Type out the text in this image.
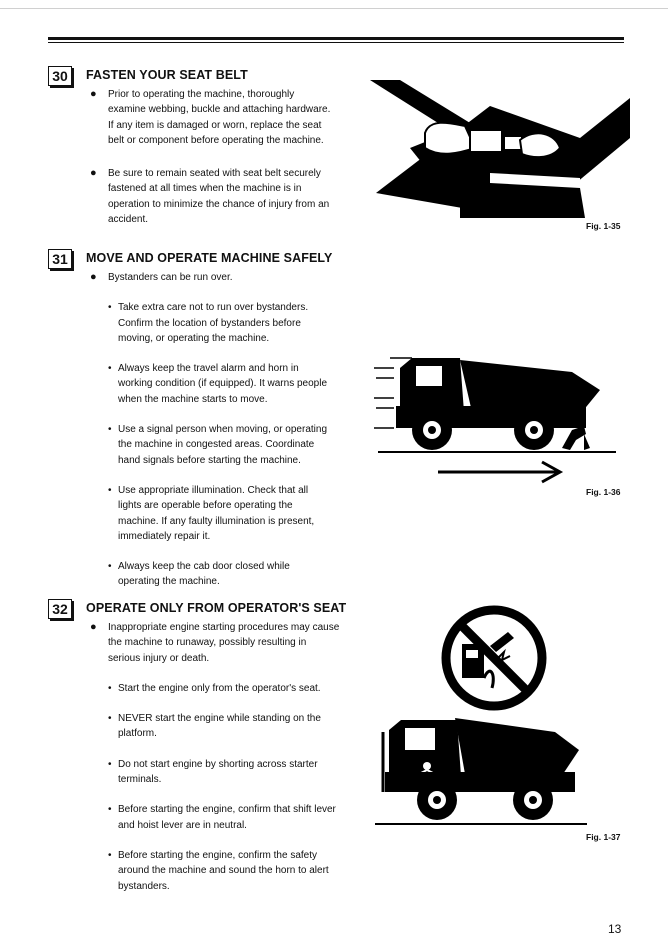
30	FASTEN YOUR SEAT BELT
● Prior to operating the machine, thoroughly
examine webbing, buckle and attaching hardware.
If any item is damaged or worn, replace the seat
belt or component before operating the machine.
● Be sure to remain seated with seat belt securely
fastened at all times when the machine is in
operation to minimize the chance of injury from an
accident.
31	MOVE AND OPERATE MACHINE SAFELY
● Bystanders can be run over.
• Take extra care not to run over bystanders.
Confirm the location of bystanders before
moving, or operating the machine.
• Always keep the travel alarm and horn in
working condition (if equipped). It warns people
when the machine starts to move.
• Use a signal person when moving, or operating
the machine in congested areas. Coordinate
hand signals before starting the machine.
• Use appropriate illumination. Check that all
lights are operable before operating the
machine. If any faulty illumination is present,
immediately repair it.
• Always keep the cab door closed while
operating the machine.
32	OPERATE ONLY FROM OPERATOR'S SEAT
● Inappropriate engine starting procedures may cause
the machine to runaway, possibly resulting in
serious injury or death.
• Start the engine only from the operator's seat.
• NEVER start the engine while standing on the
platform.
• Do not start engine by shorting across starter
terminals.
• Before starting the engine, confirm that shift lever
and hoist lever are in neutral.
• Before starting the engine, confirm the safety
around the machine and sound the horn to alert
bystanders.
Fig. 1-35
Fig. 1-36
Fig. 1-37
13
